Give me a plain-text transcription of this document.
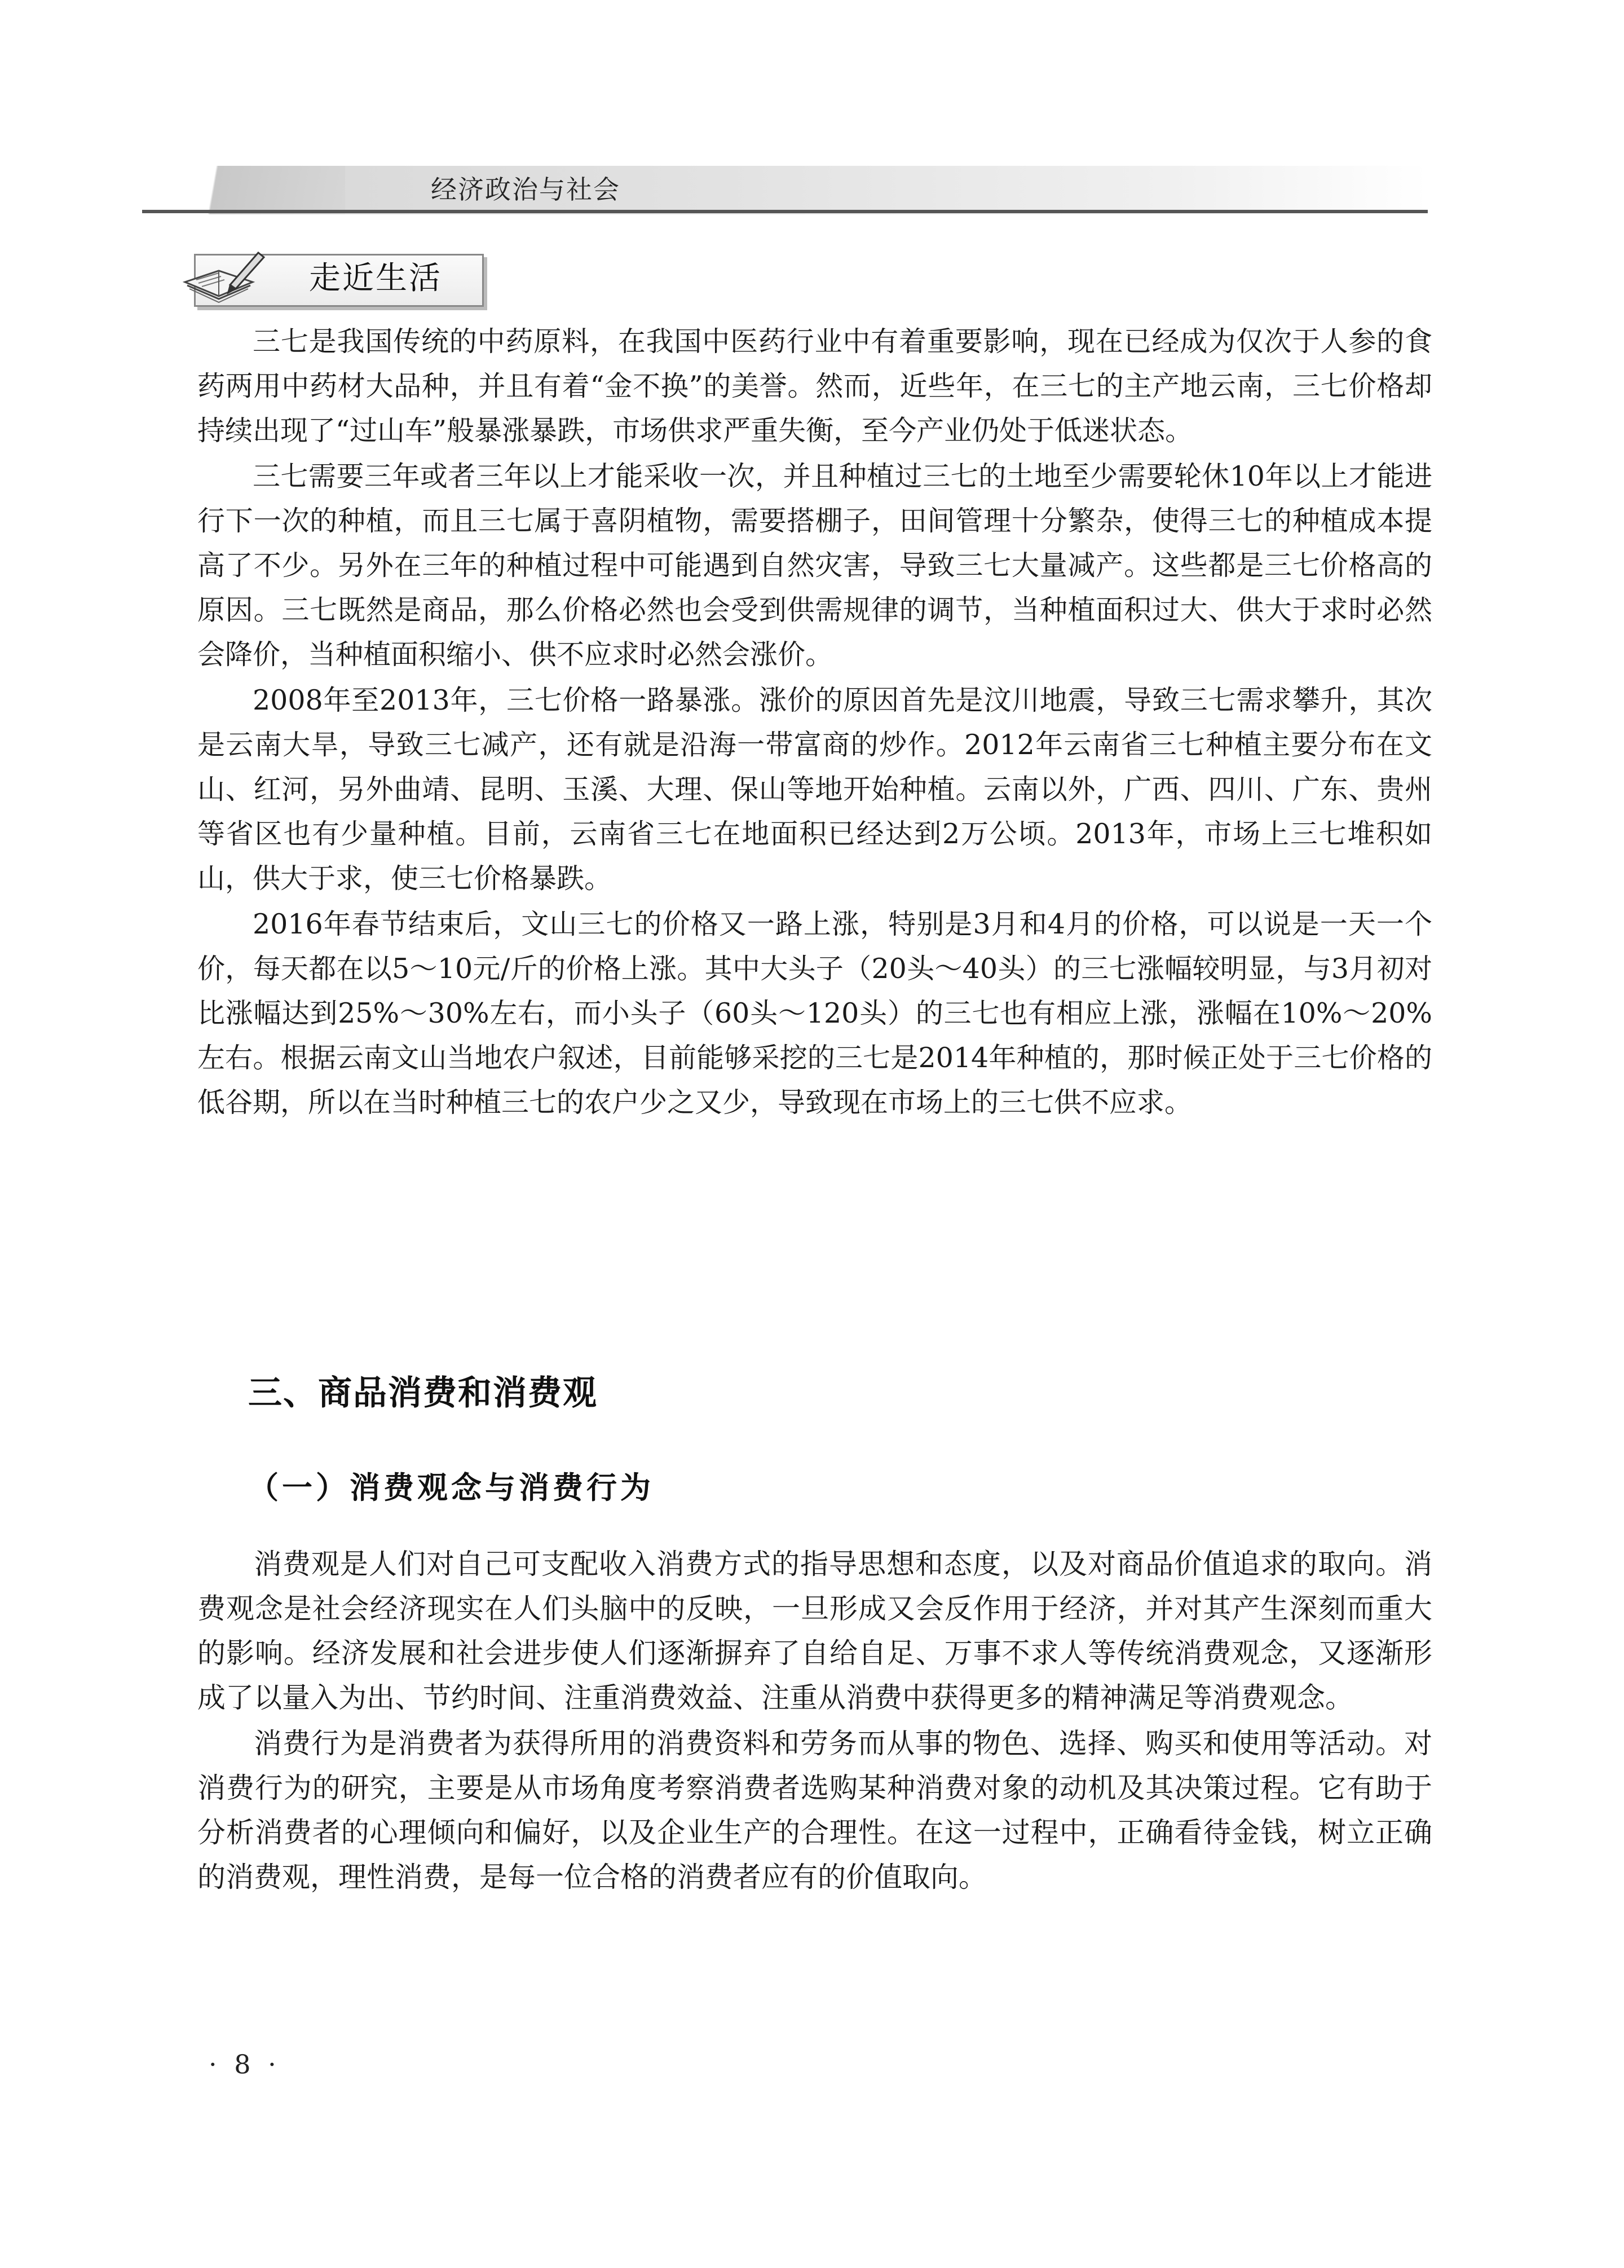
经济政治与社会
走近生活

三七是我国传统的中药原料，在我国中医药行业中有着重要影响，现在已经成为仅次于人参的食药两用中药材大品种，并且有着“金不换”的美誉。然而，近些年，在三七的主产地云南，三七价格却持续出现了“过山车”般暴涨暴跌，市场供求严重失衡，至今产业仍处于低迷状态。

三七需要三年或者三年以上才能采收一次，并且种植过三七的土地至少需要轮休10年以上才能进行下一次的种植，而且三七属于喜阴植物，需要搭棚子，田间管理十分繁杂，使得三七的种植成本提高了不少。另外在三年的种植过程中可能遇到自然灾害，导致三七大量减产。这些都是三七价格高的原因。三七既然是商品，那么价格必然也会受到供需规律的调节，当种植面积过大、供大于求时必然会降价，当种植面积缩小、供不应求时必然会涨价。

2008年至2013年，三七价格一路暴涨。涨价的原因首先是汶川地震，导致三七需求攀升，其次是云南大旱，导致三七减产，还有就是沿海一带富商的炒作。2012年云南省三七种植主要分布在文山、红河，另外曲靖、昆明、玉溪、大理、保山等地开始种植。云南以外，广西、四川、广东、贵州等省区也有少量种植。目前，云南省三七在地面积已经达到2万公顷。2013年，市场上三七堆积如山，供大于求，使三七价格暴跌。

2016年春节结束后，文山三七的价格又一路上涨，特别是3月和4月的价格，可以说是一天一个价，每天都在以5～10元/斤的价格上涨。其中大头子（20头～40头）的三七涨幅较明显，与3月初对比涨幅达到25%～30%左右，而小头子（60头～120头）的三七也有相应上涨，涨幅在10%～20%左右。根据云南文山当地农户叙述，目前能够采挖的三七是2014年种植的，那时候正处于三七价格的低谷期，所以在当时种植三七的农户少之又少，导致现在市场上的三七供不应求。

三、商品消费和消费观
（一）消费观念与消费行为

消费观是人们对自己可支配收入消费方式的指导思想和态度，以及对商品价值追求的取向。消费观念是社会经济现实在人们头脑中的反映，一旦形成又会反作用于经济，并对其产生深刻而重大的影响。经济发展和社会进步使人们逐渐摒弃了自给自足、万事不求人等传统消费观念，又逐渐形成了以量入为出、节约时间、注重消费效益、注重从消费中获得更多的精神满足等消费观念。

消费行为是消费者为获得所用的消费资料和劳务而从事的物色、选择、购买和使用等活动。对消费行为的研究，主要是从市场角度考察消费者选购某种消费对象的动机及其决策过程。它有助于分析消费者的心理倾向和偏好，以及企业生产的合理性。在这一过程中，正确看待金钱，树立正确的消费观，理性消费，是每一位合格的消费者应有的价值取向。

· 8 ·
